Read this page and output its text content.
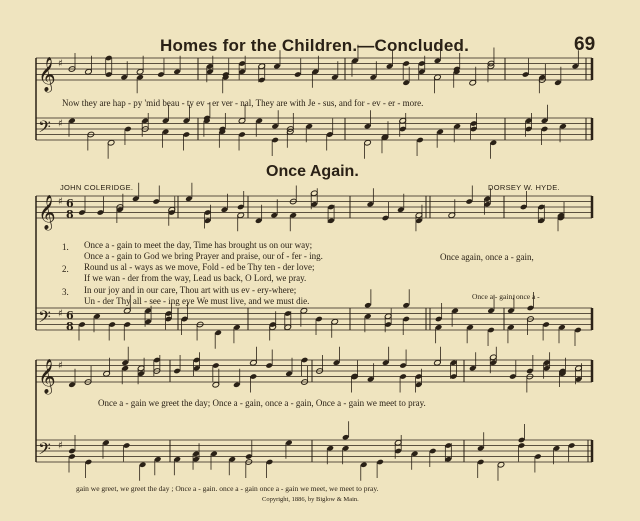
Homes for the Children.—Concluded.	69
𝄞 ♯
𝄢 ♯
𝄞 ♯ 6
8
𝄢 ♯ 6
8
𝄞 ♯
𝄢 ♯
Now they are hap - py 'mid beau - ty ev - er ver - nal, They are with Je - sus, and for - ev - er - more.
Once Again.
JOHN COLERIDGE.	DORSEY W. HYDE.
1.
2.
3.
Once a - gain to meet the day, Time has brought us on our way;
Once a - gain to God we bring Prayer and praise, our of - fer - ing.
Round us al - ways as we move, Fold - ed be Thy ten - der love;
If we wan - der from the way, Lead us back, O Lord, we pray.
In our joy and in our care, Thou art with us ev - ery-where;
Un - der Thy all - see - ing eye We must live, and we must die.
Once again, once a - gain,
Once a - gain, once a -
Once a - gain we greet the day; Once a - gain, once a - gain, Once a - gain we meet to pray.
gain we greet, we greet the day ; Once a - gain. once a - gain once a - gain we meet, we meet to pray.
Copyright, 1886, by Biglow & Main.
